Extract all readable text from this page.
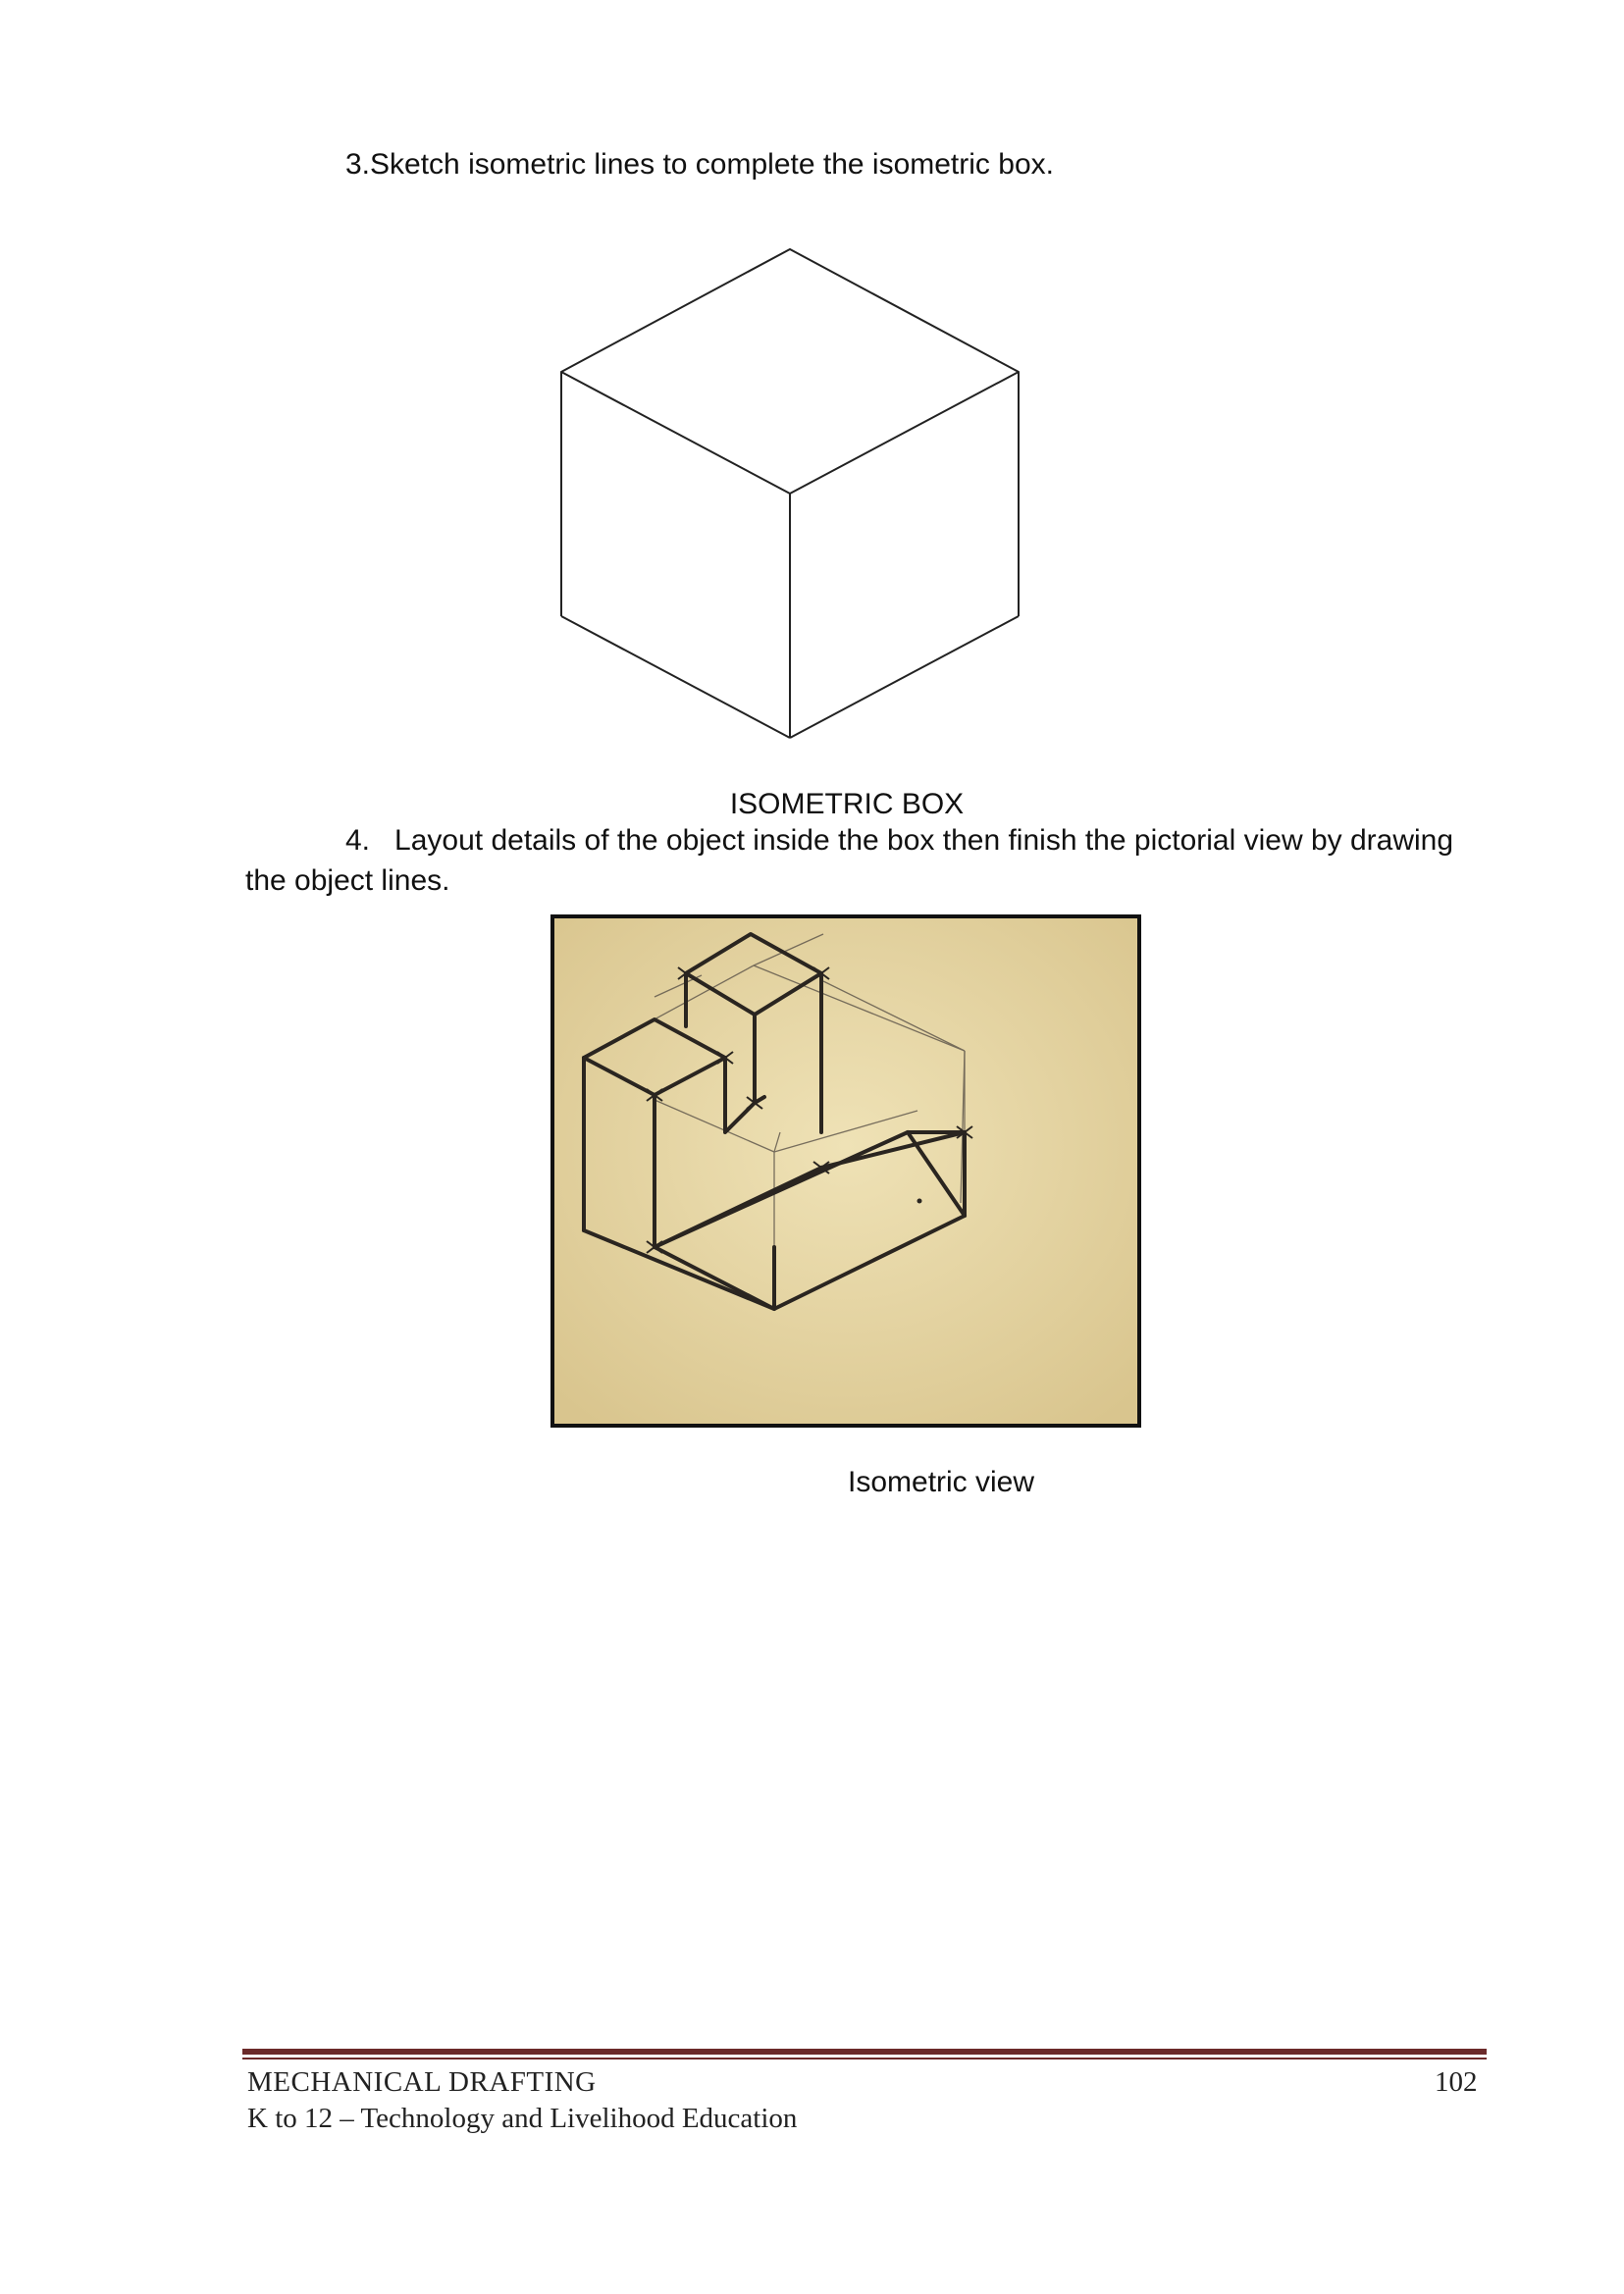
3.Sketch isometric lines to complete the isometric box.
ISOMETRIC BOX
4. Layout details of the object inside the box then finish the pictorial view by drawing the object lines.
Isometric view
MECHANICAL DRAFTING	102
K to 12 – Technology and Livelihood Education
